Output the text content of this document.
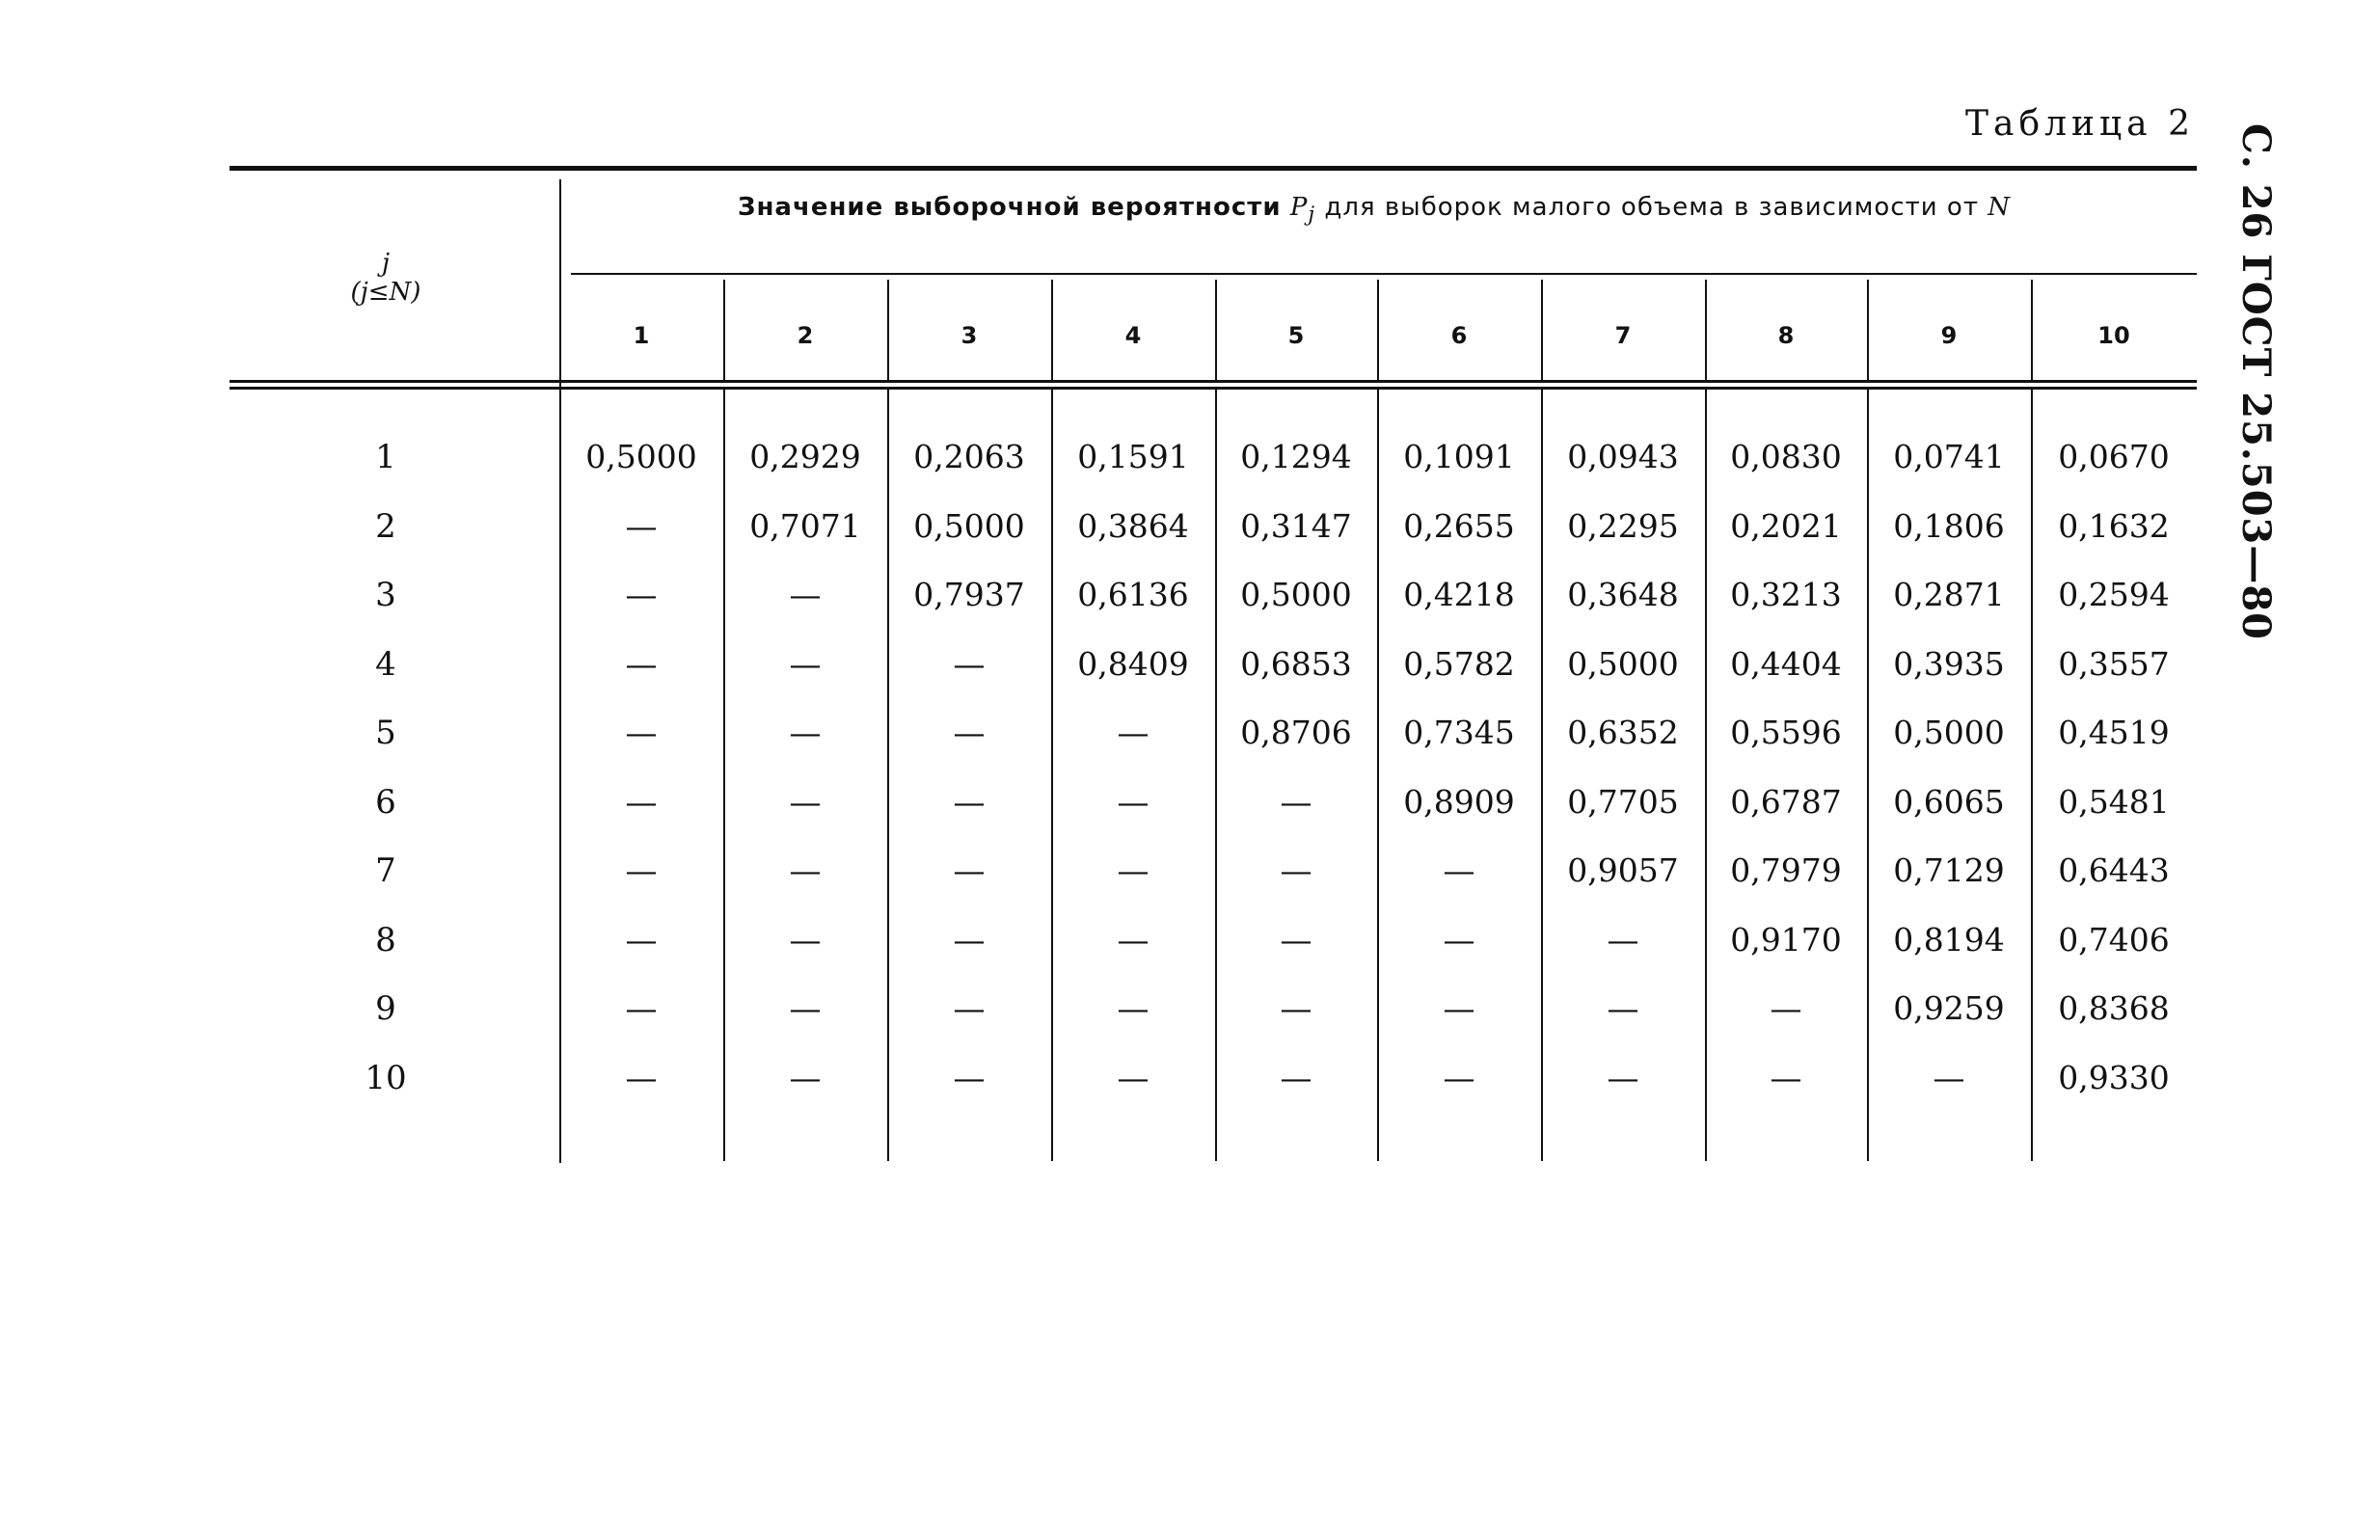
Таблица 2 С. 26 ГОСТ 25.503—80
Значение выборочной вероятности $P_j$ для выборок малого объема в зависимости от N
j
(j≤N)
1	2	3	4	5	6	7	8	9	10
1	0,5000	0,2929	0,2063	0,1591	0,1294	0,1091	0,0943	0,0830	0,0741	0,0670
2	—	0,7071	0,5000	0,3864	0,3147	0,2655	0,2295	0,2021	0,1806	0,1632
3	—	—	0,7937	0,6136	0,5000	0,4218	0,3648	0,3213	0,2871	0,2594
4	—	—	—	0,8409	0,6853	0,5782	0,5000	0,4404	0,3935	0,3557
5	—	—	—	—	0,8706	0,7345	0,6352	0,5596	0,5000	0,4519
6	—	—	—	—	—	0,8909	0,7705	0,6787	0,6065	0,5481
7	—	—	—	—	—	—	0,9057	0,7979	0,7129	0,6443
8	—	—	—	—	—	—	—	0,9170	0,8194	0,7406
9	—	—	—	—	—	—	—	—	0,9259	0,8368
10	—	—	—	—	—	—	—	—	—	0,9330
